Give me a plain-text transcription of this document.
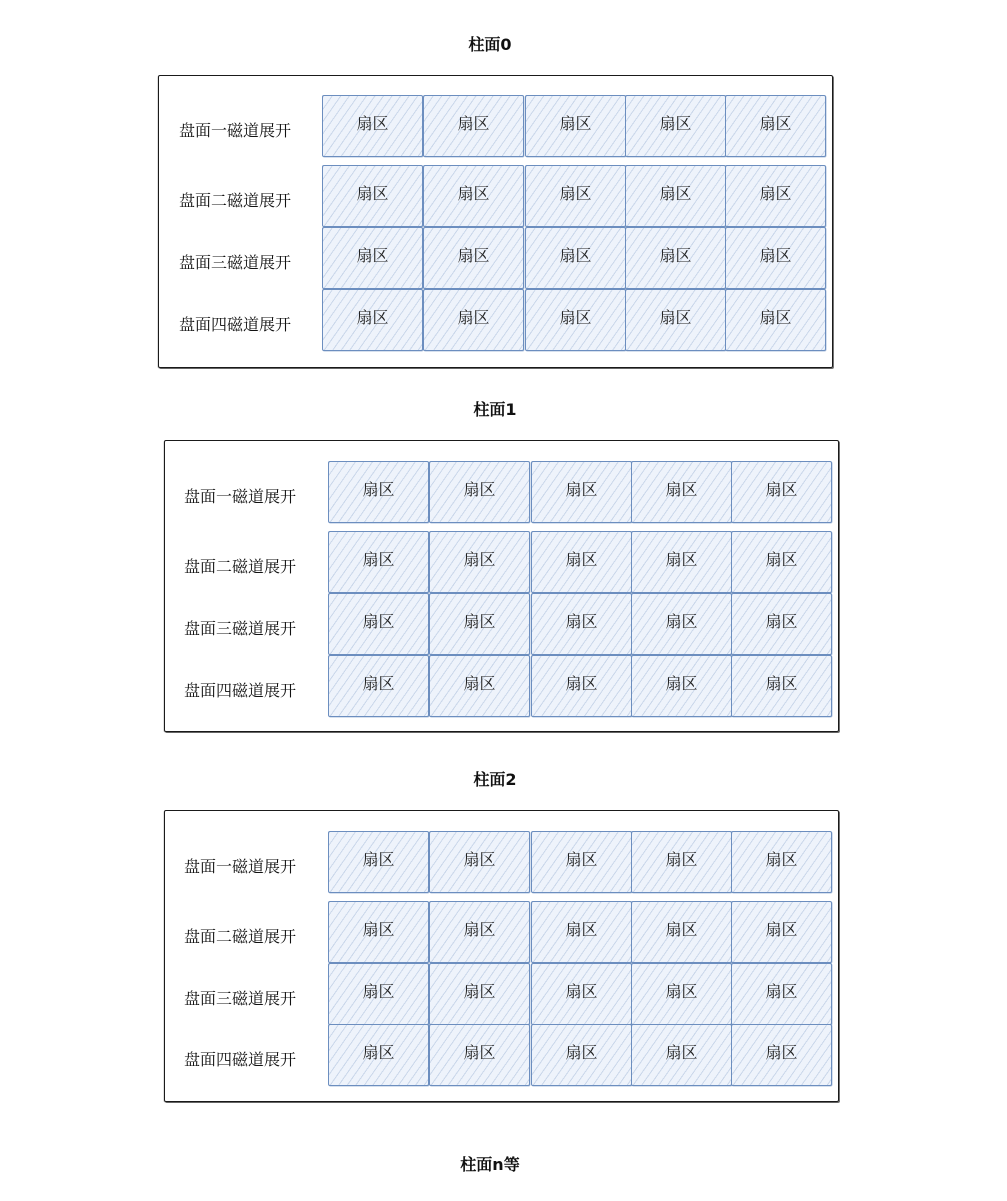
柱面0
盘面一磁道展开	扇区	扇区	扇区	扇区	扇区
盘面二磁道展开	扇区	扇区	扇区	扇区	扇区
盘面三磁道展开	扇区	扇区	扇区	扇区	扇区
盘面四磁道展开	扇区	扇区	扇区	扇区	扇区
柱面1
盘面一磁道展开	扇区	扇区	扇区	扇区	扇区
盘面二磁道展开	扇区	扇区	扇区	扇区	扇区
盘面三磁道展开	扇区	扇区	扇区	扇区	扇区
盘面四磁道展开	扇区	扇区	扇区	扇区	扇区
柱面2
盘面一磁道展开	扇区	扇区	扇区	扇区	扇区
盘面二磁道展开	扇区	扇区	扇区	扇区	扇区
盘面三磁道展开	扇区	扇区	扇区	扇区	扇区
盘面四磁道展开	扇区	扇区	扇区	扇区	扇区
柱面n等
